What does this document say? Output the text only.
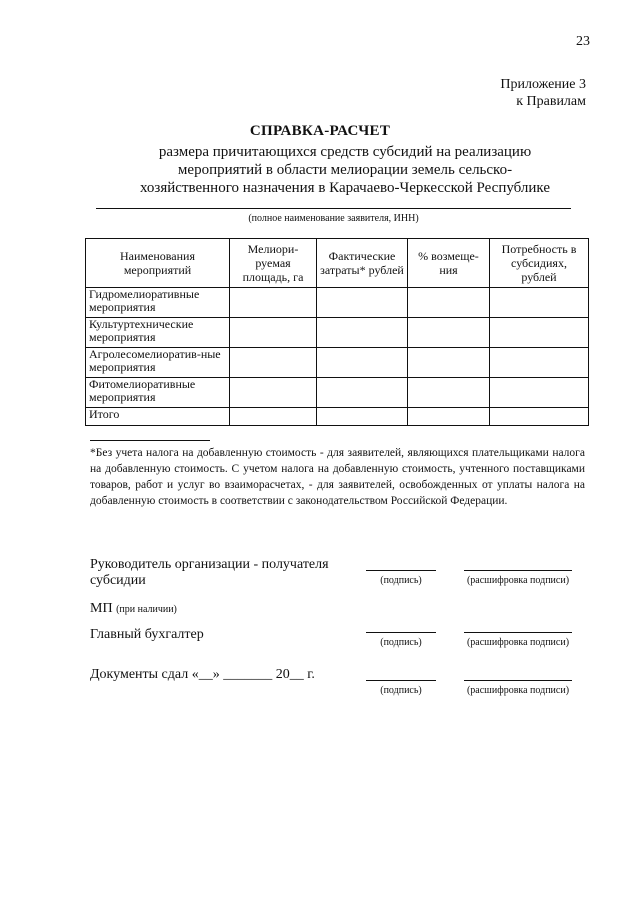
23
Приложение 3
к Правилам
СПРАВКА-РАСЧЕТ
размера причитающихся средств субсидий на реализацию
мероприятий в области мелиорации земель сельско-
хозяйственного назначения в Карачаево-Черкесской Республике
(полное наименование заявителя, ИНН)
Наименования мероприятий	Мелиори-руемая площадь, га	Фактические затраты* рублей	% возмеще-ния	Потребность в субсидиях, рублей
Гидромелиоративные мероприятия				
Культуртехнические мероприятия				
Агролесомелиоратив-ные мероприятия				
Фитомелиоративные мероприятия				
Итого				
*Без учета налога на добавленную стоимость - для заявителей, являющихся плательщиками налога на добавленную стоимость. С учетом налога на добавленную стоимость, учтенного поставщиками товаров, работ и услуг во взаиморасчетах, - для заявителей, освобожденных от уплаты налога на добавленную стоимость в соответствии с законодательством Российской Федерации.
Руководитель организации - получателя
субсидии	(подпись)	(расшифровка подписи)
МП (при наличии)
Главный бухгалтер
(подпись)	(расшифровка подписи)
Документы сдал «__» _______ 20__ г.
(подпись)	(расшифровка подписи)
